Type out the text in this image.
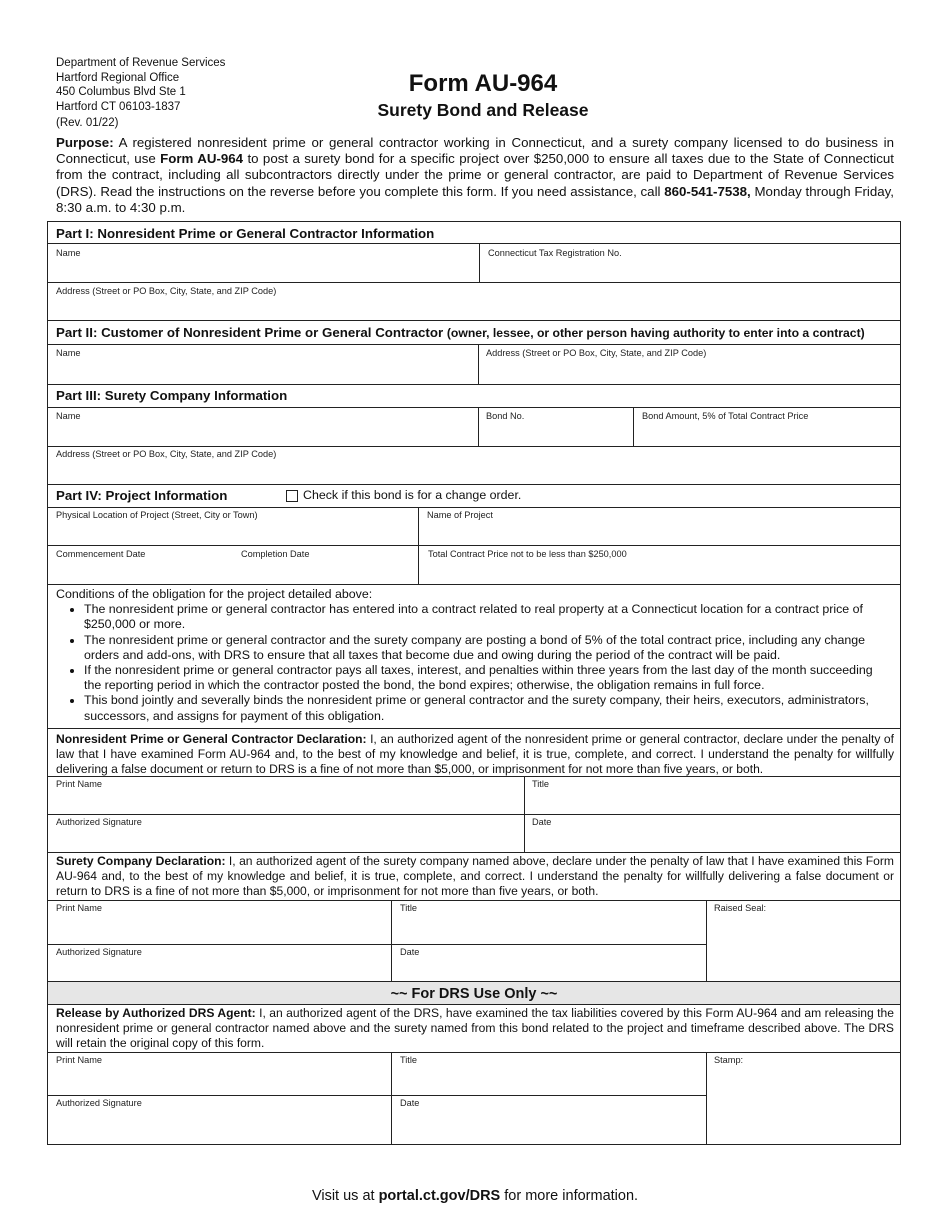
Department of Revenue Services
Hartford Regional Office
450 Columbus Blvd Ste 1
Hartford CT 06103-1837
(Rev. 01/22)
Form AU-964
Surety Bond and Release
Purpose: A registered nonresident prime or general contractor working in Connecticut, and a surety company licensed to do business in Connecticut, use Form AU-964 to post a surety bond for a specific project over $250,000 to ensure all taxes due to the State of Connecticut from the contract, including all subcontractors directly under the prime or general contractor, are paid to Department of Revenue Services (DRS). Read the instructions on the reverse before you complete this form. If you need assistance, call 860-541-7538, Monday through Friday, 8:30 a.m. to 4:30 p.m.
Part I: Nonresident Prime or General Contractor Information
Name	Connecticut Tax Registration No.
Address (Street or PO Box, City, State, and ZIP Code)
Part II: Customer of Nonresident Prime or General Contractor (owner, lessee, or other person having authority to enter into a contract)
Name	Address (Street or PO Box, City, State, and ZIP Code)
Part III: Surety Company Information
Name	Bond No.	Bond Amount, 5% of Total Contract Price
Address (Street or PO Box, City, State, and ZIP Code)
Part IV: Project Information	Check if this bond is for a change order.
Physical Location of Project (Street, City or Town)	Name of Project
Commencement Date	Completion Date	Total Contract Price not to be less than $250,000
Conditions of the obligation for the project detailed above:
• The nonresident prime or general contractor has entered into a contract related to real property at a Connecticut location for a contract price of $250,000 or more.
• The nonresident prime or general contractor and the surety company are posting a bond of 5% of the total contract price, including any change orders and add-ons, with DRS to ensure that all taxes that become due and owing during the period of the contract will be paid.
• If the nonresident prime or general contractor pays all taxes, interest, and penalties within three years from the last day of the month succeeding the reporting period in which the contractor posted the bond, the bond expires; otherwise, the obligation remains in full force.
• This bond jointly and severally binds the nonresident prime or general contractor and the surety company, their heirs, executors, administrators, successors, and assigns for payment of this obligation.
Nonresident Prime or General Contractor Declaration: I, an authorized agent of the nonresident prime or general contractor, declare under the penalty of law that I have examined Form AU-964 and, to the best of my knowledge and belief, it is true, complete, and correct. I understand the penalty for willfully delivering a false document or return to DRS is a fine of not more than $5,000, or imprisonment for not more than five years, or both.
Print Name	Title
Authorized Signature	Date
Surety Company Declaration: I, an authorized agent of the surety company named above, declare under the penalty of law that I have examined this Form AU-964 and, to the best of my knowledge and belief, it is true, complete, and correct. I understand the penalty for willfully delivering a false document or return to DRS is a fine of not more than $5,000, or imprisonment for not more than five years, or both.
Print Name	Title	Raised Seal:
Authorized Signature	Date
~~ For DRS Use Only ~~
Release by Authorized DRS Agent: I, an authorized agent of the DRS, have examined the tax liabilities covered by this Form AU-964 and am releasing the nonresident prime or general contractor named above and the surety named from this bond related to the project and timeframe described above. The DRS will retain the original copy of this form.
Print Name	Title	Stamp:
Authorized Signature	Date
Visit us at portal.ct.gov/DRS for more information.
